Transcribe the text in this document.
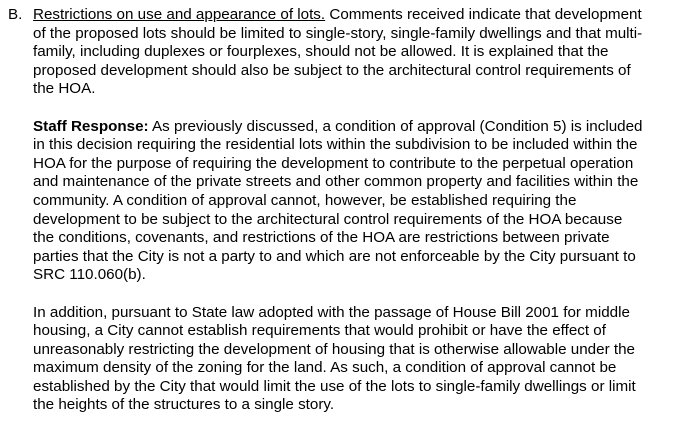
B. Restrictions on use and appearance of lots. Comments received indicate that development
of the proposed lots should be limited to single-story, single-family dwellings and that multi-
family, including duplexes or fourplexes, should not be allowed. It is explained that the
proposed development should also be subject to the architectural control requirements of
the HOA.

Staff Response: As previously discussed, a condition of approval (Condition 5) is included
in this decision requiring the residential lots within the subdivision to be included within the
HOA for the purpose of requiring the development to contribute to the perpetual operation
and maintenance of the private streets and other common property and facilities within the
community. A condition of approval cannot, however, be established requiring the
development to be subject to the architectural control requirements of the HOA because
the conditions, covenants, and restrictions of the HOA are restrictions between private
parties that the City is not a party to and which are not enforceable by the City pursuant to
SRC 110.060(b).

In addition, pursuant to State law adopted with the passage of House Bill 2001 for middle
housing, a City cannot establish requirements that would prohibit or have the effect of
unreasonably restricting the development of housing that is otherwise allowable under the
maximum density of the zoning for the land. As such, a condition of approval cannot be
established by the City that would limit the use of the lots to single-family dwellings or limit
the heights of the structures to a single story.
